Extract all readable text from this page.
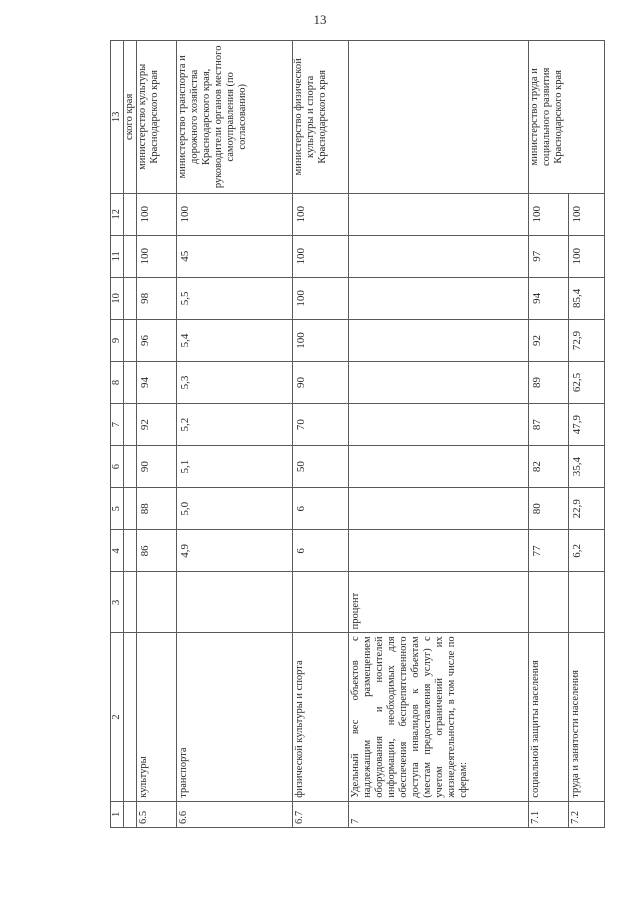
13
1	2	3	4	5	6	7	8	9	10	11	12	13
												ского края
6.5	культуры		86	88	90	92	94	96	98	100	100	министерство культуры Краснодарского края
6.6	транспорта		4,9	5,0	5,1	5,2	5,3	5,4	5,5	45	100	министерство транспорта и дорожного хозяйства Краснодарского края, руководители органов местного самоуправления (по согласованию)
6.7	физической культуры и спорта		6	6	50	70	90	100	100	100	100	министерство физической культуры и спорта Краснодарского края
7	Удельный вес объектов с надлежащим размещением оборудования и носителей информации, необходимых для обеспечения беспрепятственного доступа инвалидов к объектам (местам предоставления услуг) с учетом ограничений их жизнедеятельности, в том числе по сферам:	процент										
7.1	социальной защиты населения		77	80	82	87	89	92	94	97	100	министерство труда и социального развития Краснодарского края
7.2	труда и занятости населения		6,2	22,9	35,4	47,9	62,5	72,9	85,4	100	100	
